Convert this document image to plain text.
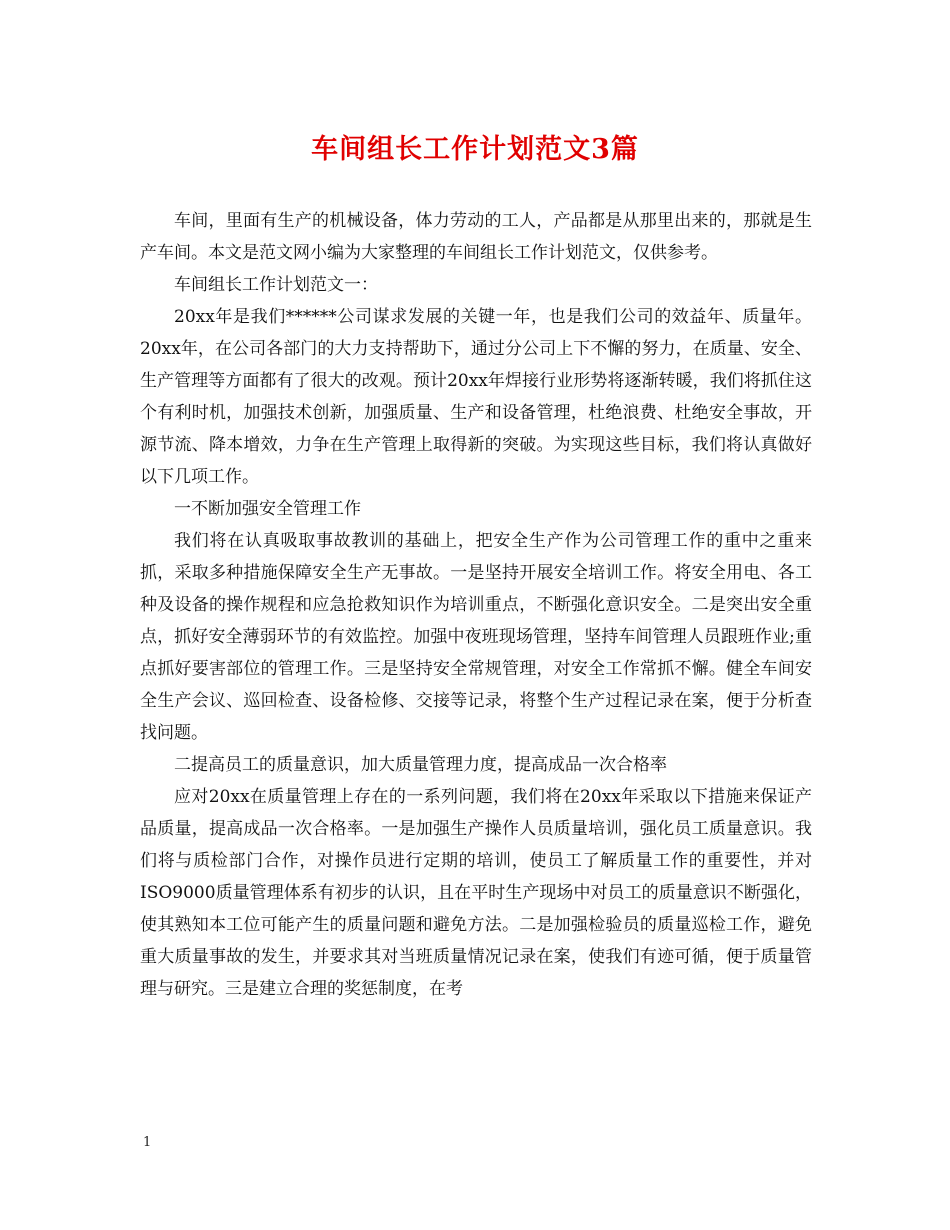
车间组长工作计划范文3篇

车间，里面有生产的机械设备，体力劳动的工人，产品都是从那里出来的，那就是生产车间。本文是范文网小编为大家整理的车间组长工作计划范文，仅供参考。

车间组长工作计划范文一：

20xx年是我们******公司谋求发展的关键一年，也是我们公司的效益年、质量年。20xx年，在公司各部门的大力支持帮助下，通过分公司上下不懈的努力，在质量、安全、生产管理等方面都有了很大的改观。预计20xx年焊接行业形势将逐渐转暖，我们将抓住这个有利时机，加强技术创新，加强质量、生产和设备管理，杜绝浪费、杜绝安全事故，开源节流、降本增效，力争在生产管理上取得新的突破。为实现这些目标，我们将认真做好以下几项工作。

一不断加强安全管理工作

我们将在认真吸取事故教训的基础上，把安全生产作为公司管理工作的重中之重来抓，采取多种措施保障安全生产无事故。一是坚持开展安全培训工作。将安全用电、各工种及设备的操作规程和应急抢救知识作为培训重点，不断强化意识安全。二是突出安全重点，抓好安全薄弱环节的有效监控。加强中夜班现场管理，坚持车间管理人员跟班作业;重点抓好要害部位的管理工作。三是坚持安全常规管理，对安全工作常抓不懈。健全车间安全生产会议、巡回检查、设备检修、交接等记录，将整个生产过程记录在案，便于分析查找问题。

二提高员工的质量意识，加大质量管理力度，提高成品一次合格率

应对20xx在质量管理上存在的一系列问题，我们将在20xx年采取以下措施来保证产品质量，提高成品一次合格率。一是加强生产操作人员质量培训，强化员工质量意识。我们将与质检部门合作，对操作员进行定期的培训，使员工了解质量工作的重要性，并对ISO9000质量管理体系有初步的认识，且在平时生产现场中对员工的质量意识不断强化，使其熟知本工位可能产生的质量问题和避免方法。二是加强检验员的质量巡检工作，避免重大质量事故的发生，并要求其对当班质量情况记录在案，使我们有迹可循，便于质量管理与研究。三是建立合理的奖惩制度，在考

1
